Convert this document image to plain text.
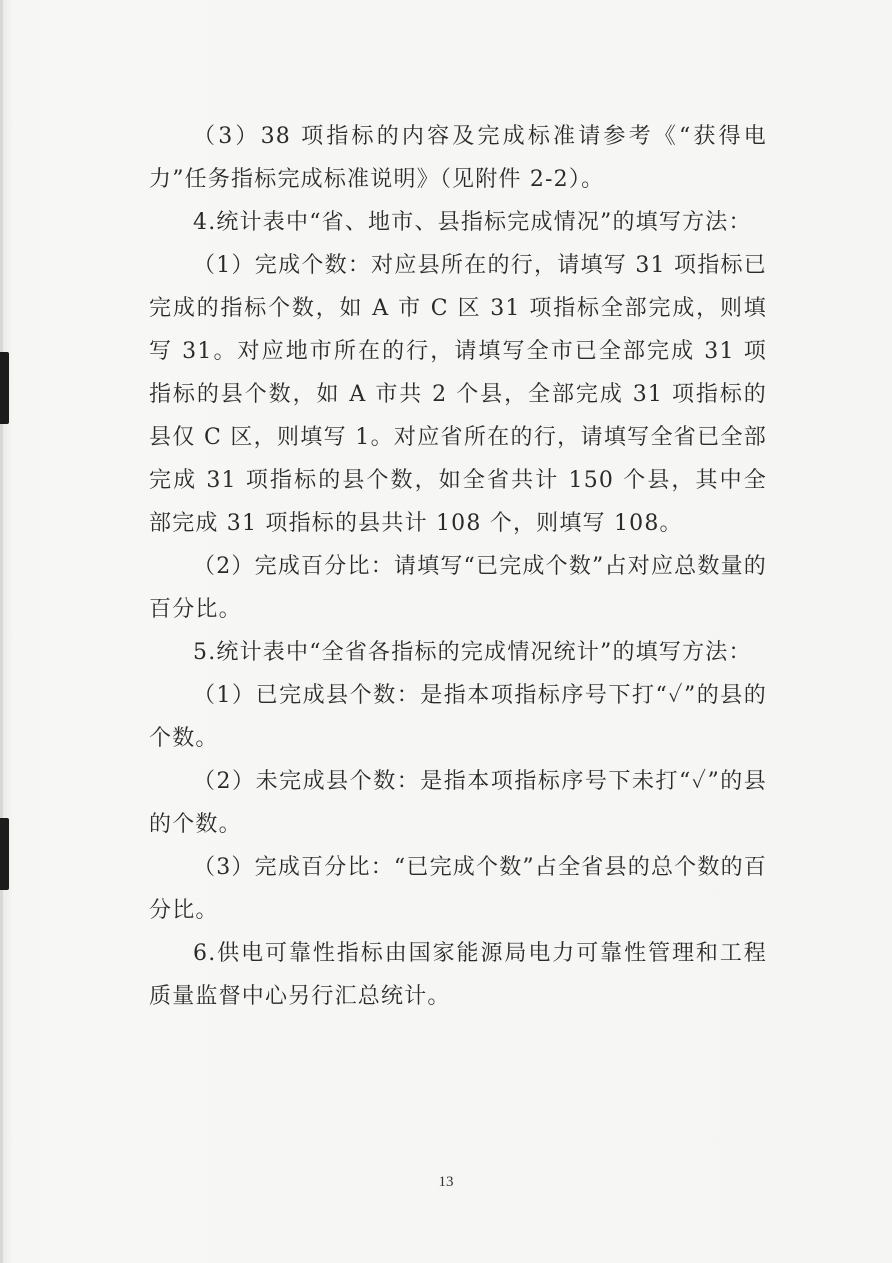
（3）38 项指标的内容及完成标准请参考《“获得电力”任务指标完成标准说明》（见附件 2-2）。

4.统计表中“省、地市、县指标完成情况”的填写方法：

（1）完成个数：对应县所在的行，请填写 31 项指标已完成的指标个数，如 A 市 C 区 31 项指标全部完成，则填写 31。对应地市所在的行，请填写全市已全部完成 31 项指标的县个数，如 A 市共 2 个县，全部完成 31 项指标的县仅 C 区，则填写 1。对应省所在的行，请填写全省已全部完成 31 项指标的县个数，如全省共计 150 个县，其中全部完成 31 项指标的县共计 108 个，则填写 108。

（2）完成百分比：请填写“已完成个数”占对应总数量的百分比。

5.统计表中“全省各指标的完成情况统计”的填写方法：

（1）已完成县个数：是指本项指标序号下打“✓”的县的个数。

（2）未完成县个数：是指本项指标序号下未打“✓”的县的个数。

（3）完成百分比：“已完成个数”占全省县的总个数的百分比。

6.供电可靠性指标由国家能源局电力可靠性管理和工程质量监督中心另行汇总统计。

13
